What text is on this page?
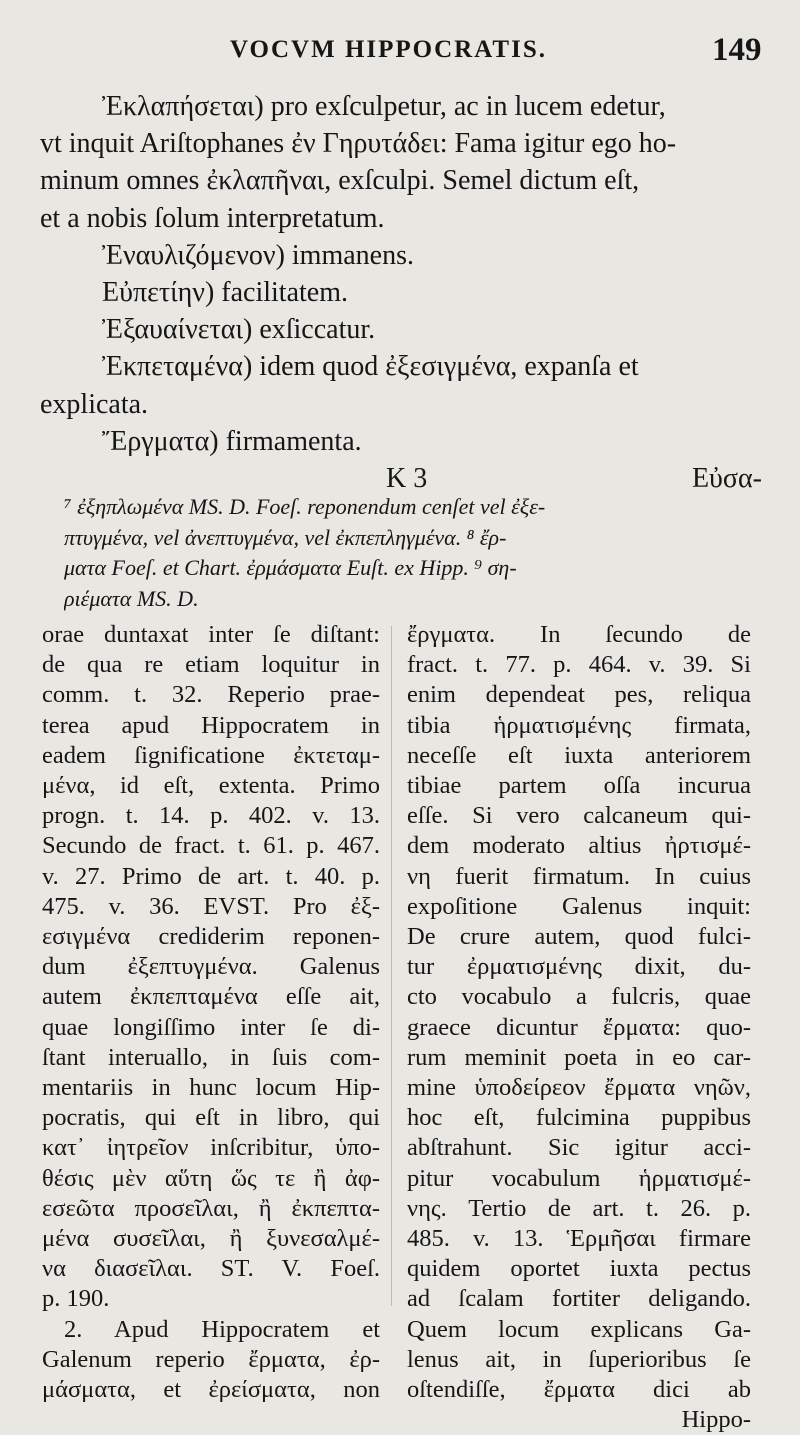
VOCVM HIPPOCRATIS.	149

Ἐκλαπήσεται) pro exſculpetur, ac in lucem edetur,

vt inquit Ariſtophanes ἐν Γηρυτάδει: Fama igitur ego ho-

minum omnes ἐκλαπῆναι, exſculpi. Semel dictum eſt,

et a nobis ſolum interpretatum.

Ἐναυλιζόμενον) immanens.

Εὐπετίην) facilitatem.

Ἐξαυαίνεται) exſiccatur.

Ἐκπεταμένα) idem quod ἐξεσιγμένα, expanſa et

explicata.

Ἔργματα) firmamenta.

K 3	Εὐσα-
⁷ ἐξηπλωμένα MS. D. Foeſ. reponendum cenſet vel ἐξε-
πτυγμένα, vel ἀνεπτυγμένα, vel ἐκπεπληγμένα. ⁸ ἔρ-
ματα Foeſ. et Chart. ἐρμάσματα Euſt. ex Hipp. ⁹ ση-
ριέματα MS. D.
orae duntaxat inter ſe diſtant:
de qua re etiam loquitur in
comm. t. 32. Reperio prae-
terea apud Hippocratem in
eadem ſignificatione ἐκτεταμ-
μένα, id eſt, extenta. Primo
progn. t. 14. p. 402. v. 13.
Secundo de fract. t. 61. p. 467.
v. 27. Primo de art. t. 40. p.
475. v. 36. EVST. Pro ἐξ-
εσιγμένα crediderim reponen-
dum ἐξεπτυγμένα. Galenus
autem ἐκπεπταμένα eſſe ait,
quae longiſſimo inter ſe di-
ſtant interuallo, in ſuis com-
mentariis in hunc locum Hip-
pocratis, qui eſt in libro, qui
κατ᾽ ἰητρεῖον inſcribitur, ὑπο-
θέσις μὲν αὕτη ὥς τε ἢ ἀφ-
εσεῶτα προσεῖλαι, ἢ ἐκπεπτα-
μένα συσεῖλαι, ἢ ξυνεσαλμέ-
να διασεῖλαι. ST. V. Foeſ.
p. 190.
2. Apud Hippocratem et
Galenum reperio ἔρματα, ἐρ-
μάσματα, et ἐρείσματα, non
ἔργματα. In ſecundo de
fract. t. 77. p. 464. v. 39. Si
enim dependeat pes, reliqua
tibia ἡρματισμένης firmata,
neceſſe eſt iuxta anteriorem
tibiae partem oſſa incurua
eſſe. Si vero calcaneum qui-
dem moderato altius ἠρτισμέ-
νη fuerit firmatum. In cuius
expoſitione Galenus inquit:
De crure autem, quod fulci-
tur ἐρματισμένης dixit, du-
cto vocabulo a fulcris, quae
graece dicuntur ἔρματα: quo-
rum meminit poeta in eo car-
mine ὑποδείρεον ἔρματα νηῶν,
hoc eſt, fulcimina puppibus
abſtrahunt. Sic igitur acci-
pitur vocabulum ἡρματισμέ-
νης. Tertio de art. t. 26. p.
485. v. 13. Ἑρμῆσαι firmare
quidem oportet iuxta pectus
ad ſcalam fortiter deligando.
Quem locum explicans Ga-
lenus ait, in ſuperioribus ſe
oſtendiſſe, ἔρματα dici ab
Hippo-
